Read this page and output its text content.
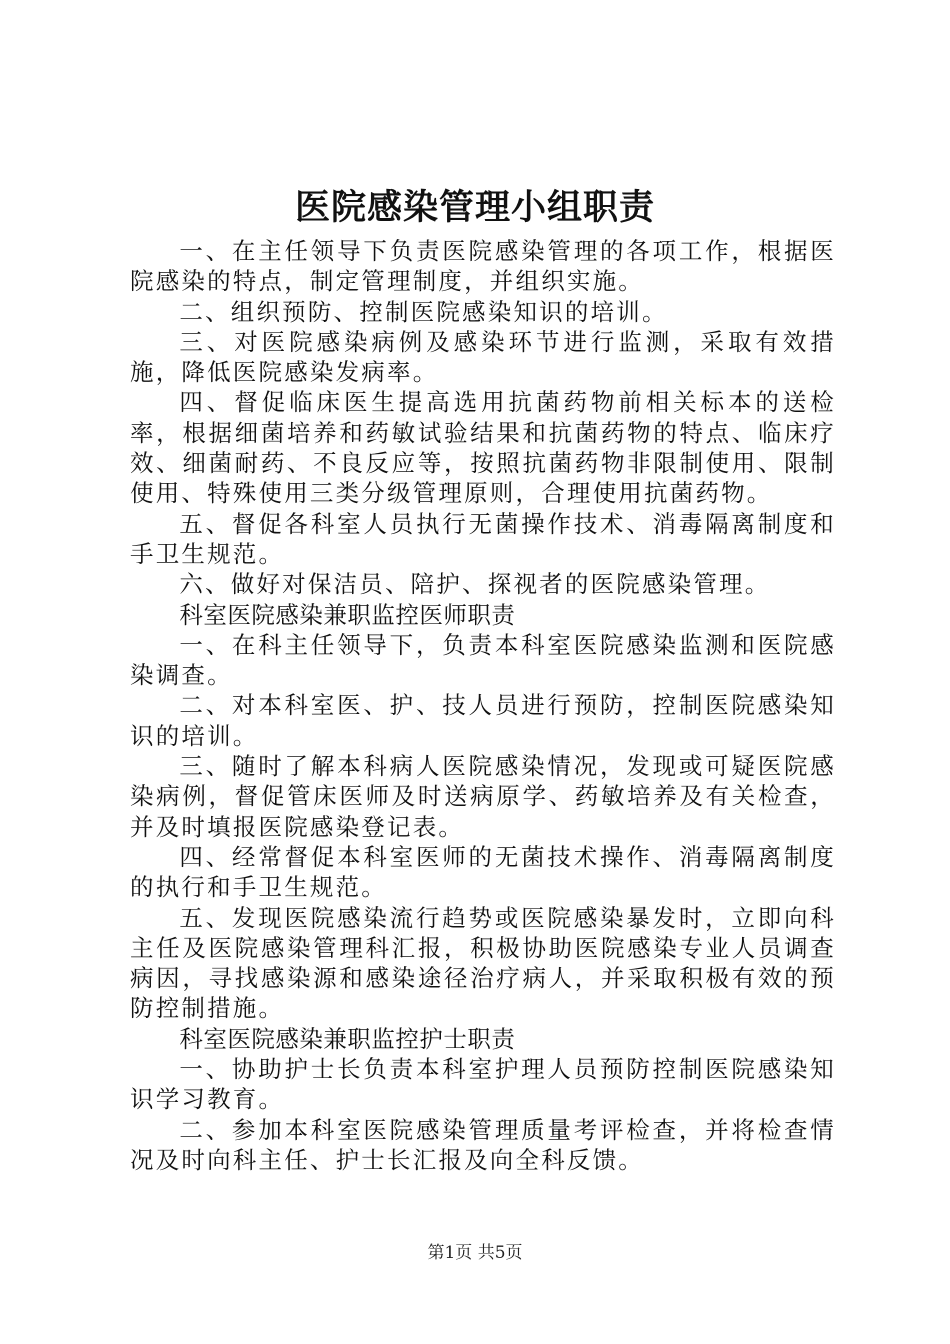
医院感染管理小组职责

一、在主任领导下负责医院感染管理的各项工作，根据医院感染的特点，制定管理制度，并组织实施。

二、组织预防、控制医院感染知识的培训。

三、对医院感染病例及感染环节进行监测，采取有效措施，降低医院感染发病率。

四、督促临床医生提高选用抗菌药物前相关标本的送检率，根据细菌培养和药敏试验结果和抗菌药物的特点、临床疗效、细菌耐药、不良反应等，按照抗菌药物非限制使用、限制使用、特殊使用三类分级管理原则，合理使用抗菌药物。

五、督促各科室人员执行无菌操作技术、消毒隔离制度和手卫生规范。

六、做好对保洁员、陪护、探视者的医院感染管理。

科室医院感染兼职监控医师职责

一、在科主任领导下，负责本科室医院感染监测和医院感染调查。

二、对本科室医、护、技人员进行预防，控制医院感染知识的培训。

三、随时了解本科病人医院感染情况，发现或可疑医院感染病例，督促管床医师及时送病原学、药敏培养及有关检查，并及时填报医院感染登记表。

四、经常督促本科室医师的无菌技术操作、消毒隔离制度的执行和手卫生规范。

五、发现医院感染流行趋势或医院感染暴发时，立即向科主任及医院感染管理科汇报，积极协助医院感染专业人员调查病因，寻找感染源和感染途径治疗病人，并采取积极有效的预防控制措施。

科室医院感染兼职监控护士职责

一、协助护士长负责本科室护理人员预防控制医院感染知识学习教育。

二、参加本科室医院感染管理质量考评检查，并将检查情况及时向科主任、护士长汇报及向全科反馈。

第1页 共5页
